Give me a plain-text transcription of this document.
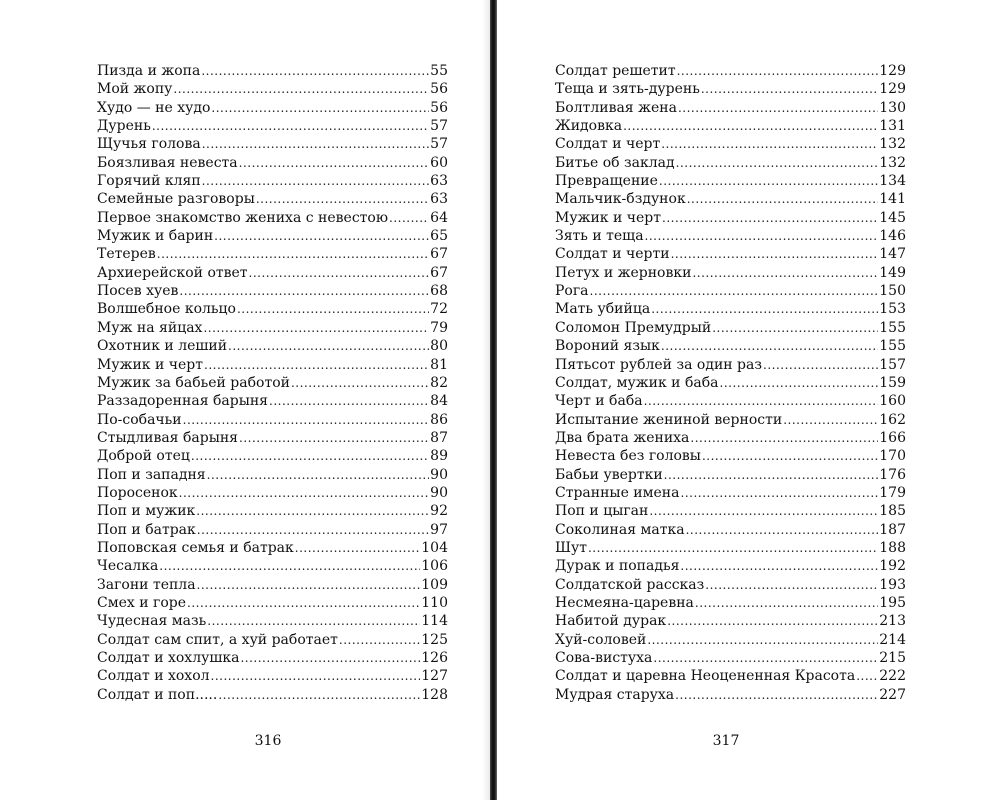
Пизда и жопа .....	55
Мой жопу .....	56
Худо — не худо .....	56
Дурень .....	57
Щучья голова .....	57
Боязливая невеста .....	60
Горячий кляп .....	63
Семейные разговоры .....	63
Первое знакомство жениха с невестою .....	64
Мужик и барин .....	65
Тетерев .....	67
Архиерейской ответ .....	67
Посев хуев .....	68
Волшебное кольцо .....	72
Муж на яйцах .....	79
Охотник и леший .....	80
Мужик и черт .....	81
Мужик за бабьей работой .....	82
Раззадоренная барыня .....	84
По-собачьи .....	86
Стыдливая барыня .....	87
Доброй отец .....	89
Поп и западня .....	90
Поросенок .....	90
Поп и мужик .....	92
Поп и батрак .....	97
Поповская семья и батрак .....	104
Чесалка .....	106
Загони тепла .....	109
Смех и горе .....	110
Чудесная мазь .....	114
Солдат сам спит, а хуй работает .....	125
Солдат и хохлушка .....	126
Солдат и хохол .....	127
Солдат и поп..... .....	128
316
Солдат решетит .....	129
Теща и зять-дурень .....	129
Болтливая жена .....	130
Жидовка .....	131
Солдат и черт .....	132
Битье об заклад .....	132
Превращение .....	134
Мальчик-бздунок .....	141
Мужик и черт .....	145
Зять и теща .....	146
Солдат и черти .....	147
Петух и жерновки .....	149
Рога .....	150
Мать убийца .....	153
Соломон Премудрый .....	155
Вороний язык .....	155
Пятьсот рублей за один раз .....	157
Солдат, мужик и баба .....	159
Черт и баба .....	160
Испытание жениной верности .....	162
Два брата жениха .....	166
Невеста без головы .....	170
Бабьи увертки .....	176
Странные имена .....	179
Поп и цыган .....	185
Соколиная матка .....	187
Шут .....	188
Дурак и попадья .....	192
Солдатской рассказ .....	193
Несмеяна-царевна .....	195
Набитой дурак .....	213
Хуй-соловей .....	214
Сова-вистуха .....	215
Солдат и царевна Неоцененная Красота ..... 222
Мудрая старуха .....	227
317
